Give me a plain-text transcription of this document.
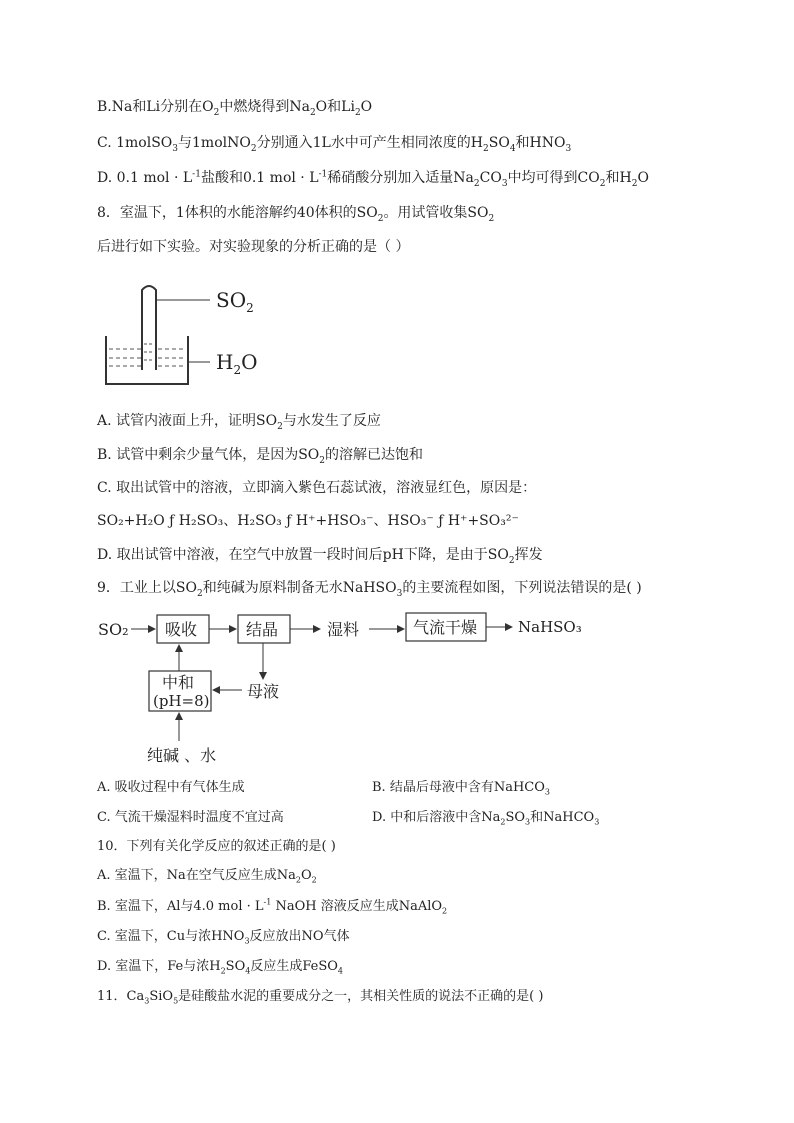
B.Na和Li分别在$O_2$中燃烧得到$Na_2O$和$Li_2O$
C. 1molSO$_3$与1molNO$_2$分别通入1L水中可产生相同浓度的$H_2SO_4$和$HNO_3$
D. 0.1 mol · $L^{-1}$盐酸和0.1 mol · $L^{-1}$稀硝酸分别加入适量$Na_2CO_3$中均可得到$CO_2$和$H_2O$
8．室温下，1体积的水能溶解约40体积的$SO_2$。用试管收集$SO_2$
后进行如下实验。对实验现象的分析正确的是（ ）
$SO_2$
$H_2O$
A. 试管内液面上升，证明$SO_2$与水发生了反应
B. 试管中剩余少量气体，是因为$SO_2$的溶解已达饱和
C. 取出试管中的溶液，立即滴入紫色石蕊试液，溶液显红色，原因是：
SO₂+H₂O ƒ H₂SO₃、H₂SO₃ ƒ H⁺+HSO₃⁻、HSO₃⁻ ƒ H⁺+SO₃²⁻
D. 取出试管中溶液，在空气中放置一段时间后pH下降，是由于$SO_2$挥发
9．工业上以$SO_2$和纯碱为原料制备无水NaHSO$_3$的主要流程如图，下列说法错误的是( )
SO₂ 吸收	结晶	湿料	气流干燥	NaHSO₃
母液
中和
(pH=8)
纯碱 、水
A. 吸收过程中有气体生成	B. 结晶后母液中含有NaHCO$_3$
C. 气流干燥湿料时温度不宜过高	D. 中和后溶液中含$Na_2SO_3$和NaHCO$_3$
10．下列有关化学反应的叙述正确的是( )
A. 室温下，Na在空气反应生成$Na_2O_2$
B. 室温下，Al与4.0 mol · $L^{-1}$ NaOH 溶液反应生成NaAlO$_2$
C. 室温下，Cu与浓$HNO_3$反应放出NO气体
D. 室温下，Fe与浓$H_2SO_4$反应生成FeSO$_4$
11．$Ca_3SiO_5$是硅酸盐水泥的重要成分之一，其相关性质的说法不正确的是( )
